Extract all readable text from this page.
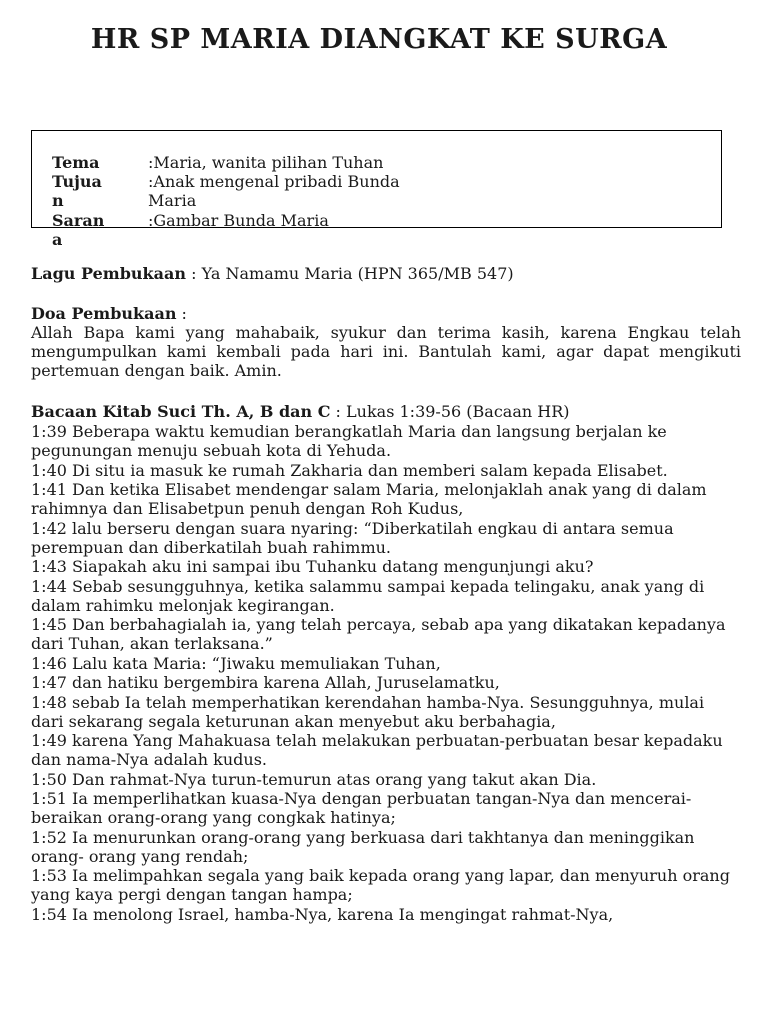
HR SP MARIA DIANGKAT KE SURGA
Tema	:Maria, wanita pilihan Tuhan
Tujuan
:Anak mengenal pribadi Bunda Maria
Sarana
:Gambar Bunda Maria
Lagu Pembukaan : Ya Namamu Maria (HPN 365/MB 547)
Doa Pembukaan :
Allah Bapa kami yang mahabaik, syukur dan terima kasih, karena Engkau telah mengumpulkan kami kembali pada hari ini. Bantulah kami, agar dapat mengikuti pertemuan dengan baik. Amin.
Bacaan Kitab Suci Th. A, B dan C : Lukas 1:39-56 (Bacaan HR)
1:39 Beberapa waktu kemudian berangkatlah Maria dan langsung berjalan ke pegunungan menuju sebuah kota di Yehuda.
1:40 Di situ ia masuk ke rumah Zakharia dan memberi salam kepada Elisabet.
1:41 Dan ketika Elisabet mendengar salam Maria, melonjaklah anak yang di dalam rahimnya dan Elisabetpun penuh dengan Roh Kudus,
1:42 lalu berseru dengan suara nyaring: “Diberkatilah engkau di antara semua perempuan dan diberkatilah buah rahimmu.
1:43 Siapakah aku ini sampai ibu Tuhanku datang mengunjungi aku?
1:44 Sebab sesungguhnya, ketika salammu sampai kepada telingaku, anak yang di dalam rahimku melonjak kegirangan.
1:45 Dan berbahagialah ia, yang telah percaya, sebab apa yang dikatakan kepadanya dari Tuhan, akan terlaksana.”
1:46 Lalu kata Maria: “Jiwaku memuliakan Tuhan,
1:47 dan hatiku bergembira karena Allah, Juruselamatku,
1:48 sebab Ia telah memperhatikan kerendahan hamba-Nya. Sesungguhnya, mulai dari sekarang segala keturunan akan menyebut aku berbahagia,
1:49 karena Yang Mahakuasa telah melakukan perbuatan-perbuatan besar kepadaku dan nama-Nya adalah kudus.
1:50 Dan rahmat-Nya turun-temurun atas orang yang takut akan Dia.
1:51 Ia memperlihatkan kuasa-Nya dengan perbuatan tangan-Nya dan mencerai-beraikan orang-orang yang congkak hatinya;
1:52 Ia menurunkan orang-orang yang berkuasa dari takhtanya dan meninggikan orang- orang yang rendah;
1:53 Ia melimpahkan segala yang baik kepada orang yang lapar, dan menyuruh orang yang kaya pergi dengan tangan hampa;
1:54 Ia menolong Israel, hamba-Nya, karena Ia mengingat rahmat-Nya,
